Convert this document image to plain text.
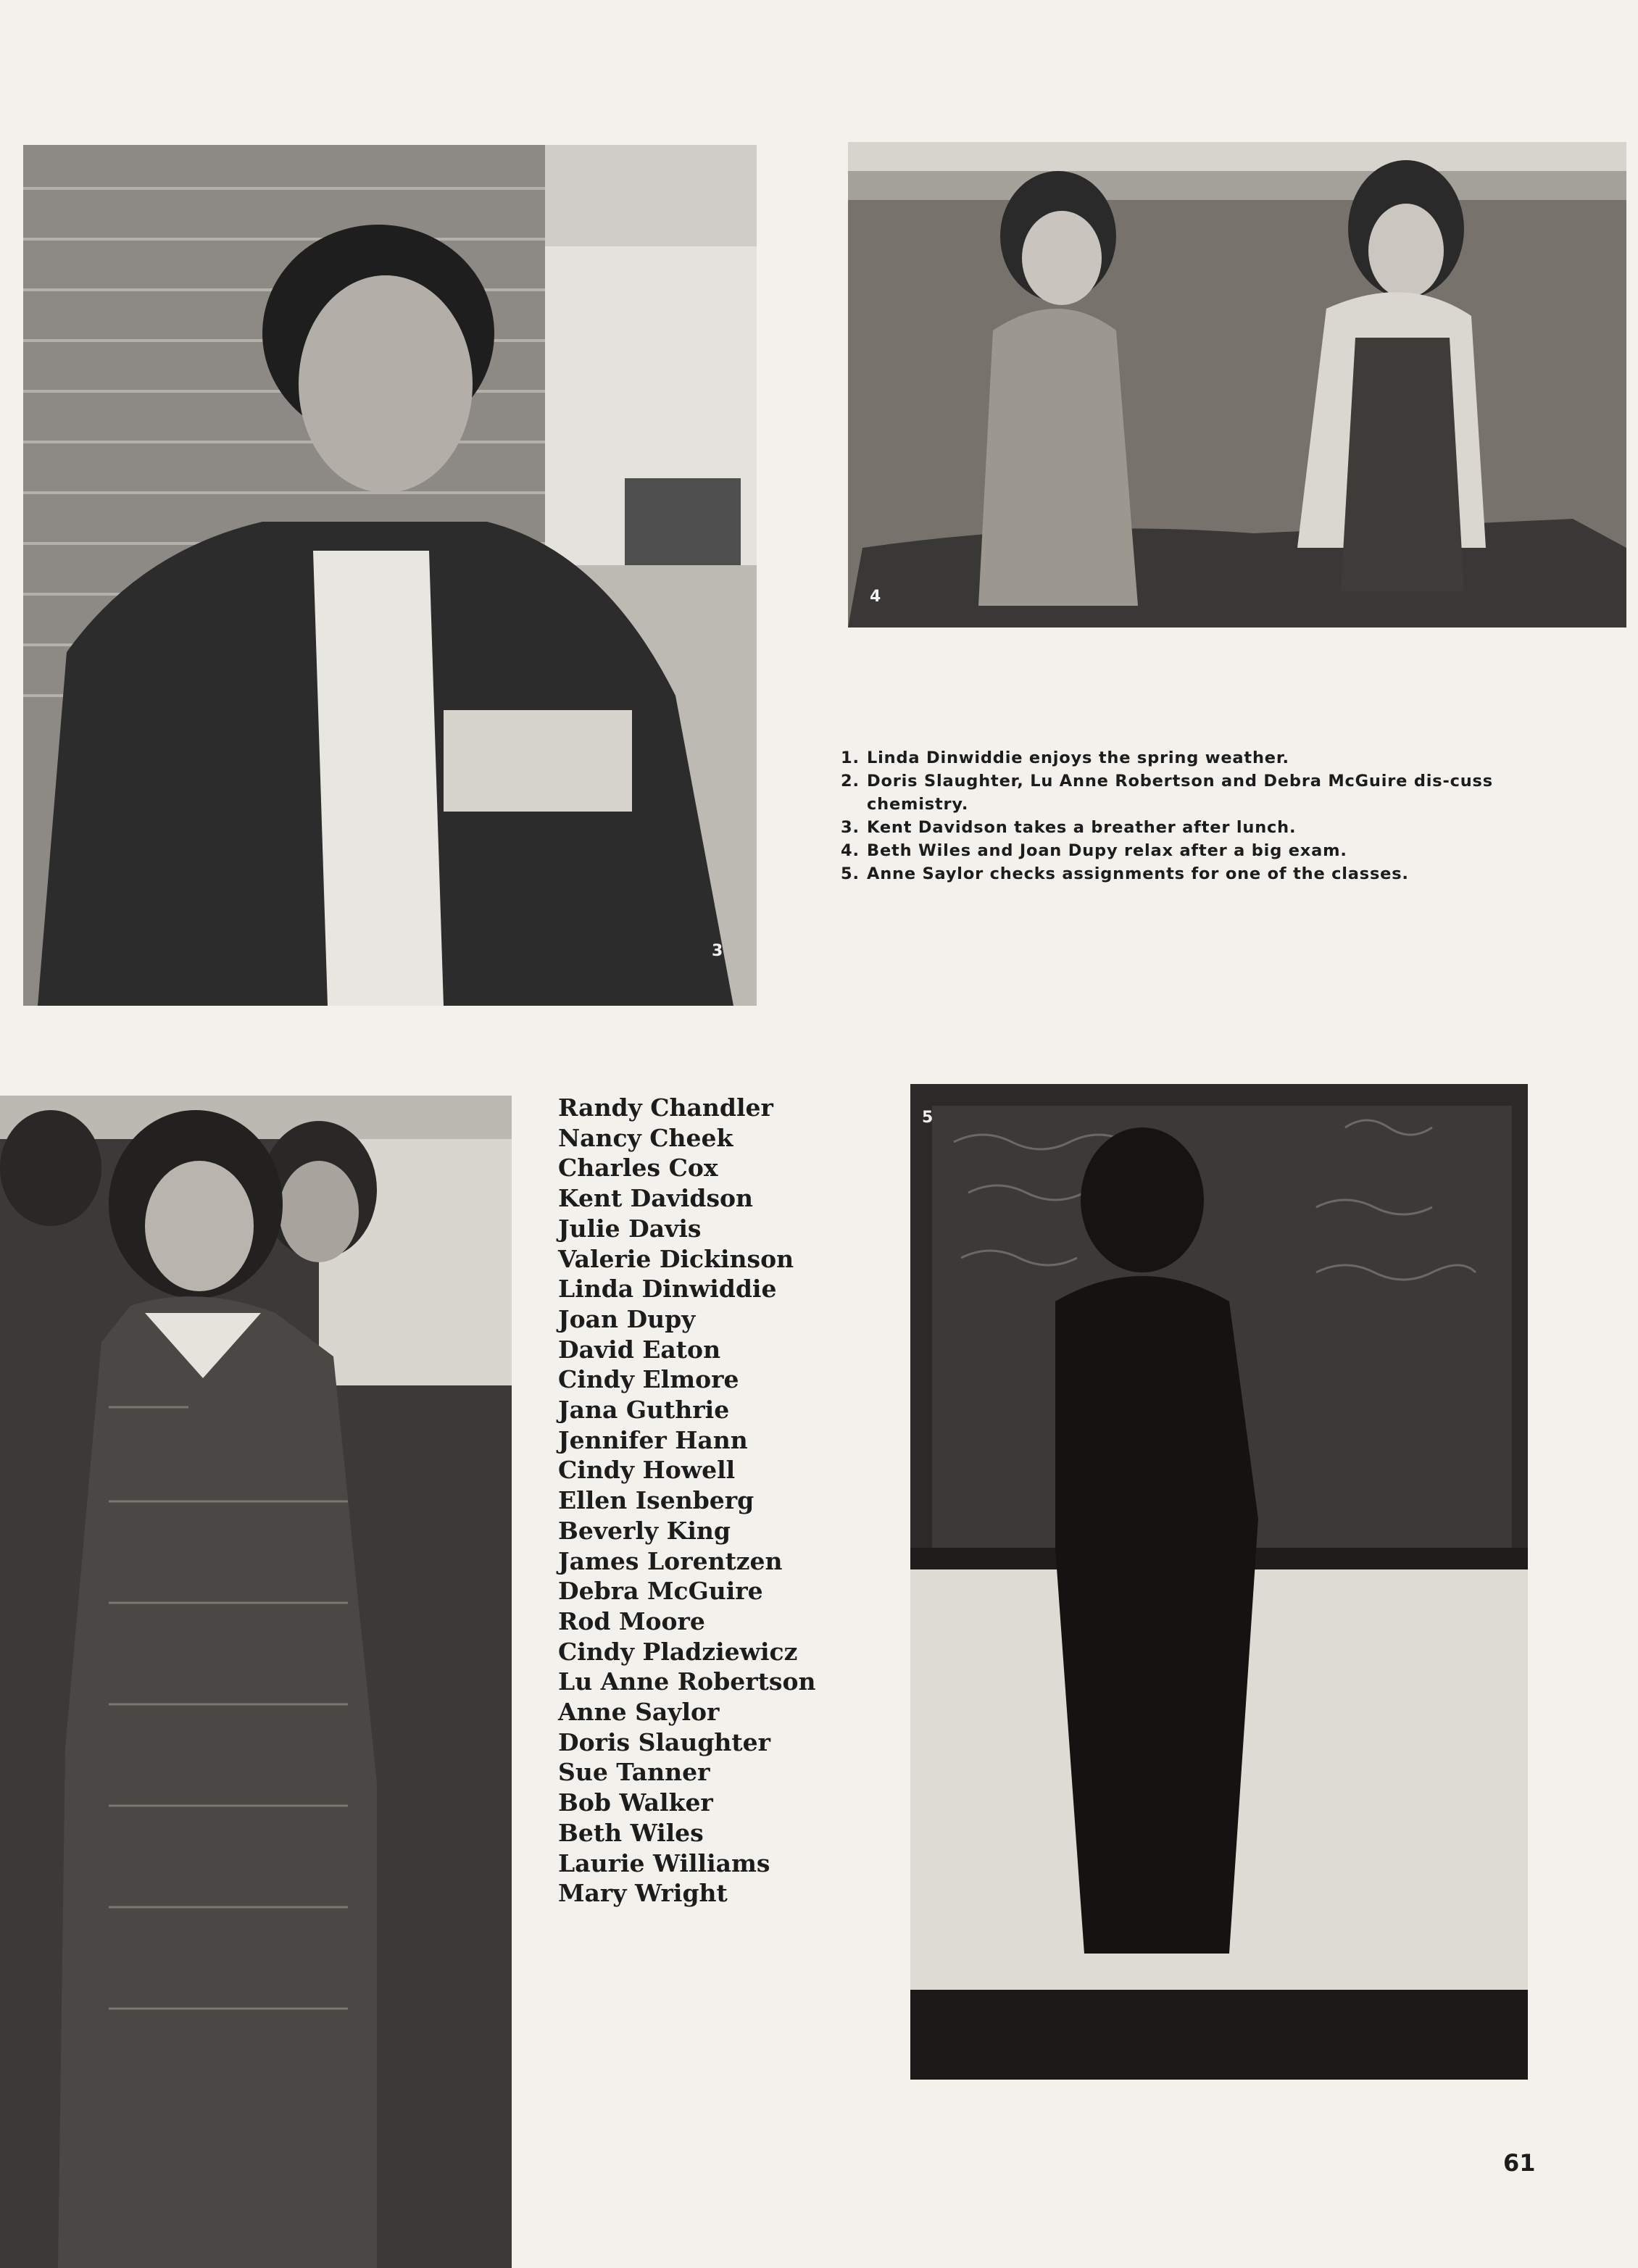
3
4
1. Linda Dinwiddie enjoys the spring weather.
2. Doris Slaughter, Lu Anne Robertson and Debra McGuire dis-cuss chemistry.
3. Kent Davidson takes a breather after lunch.
4. Beth Wiles and Joan Dupy relax after a big exam.
5. Anne Saylor checks assignments for one of the classes.
Randy Chandler
Nancy Cheek
Charles Cox
Kent Davidson
Julie Davis
Valerie Dickinson
Linda Dinwiddie
Joan Dupy
David Eaton
Cindy Elmore
Jana Guthrie
Jennifer Hann
Cindy Howell
Ellen Isenberg
Beverly King
James Lorentzen
Debra McGuire
Rod Moore
Cindy Pladziewicz
Lu Anne Robertson
Anne Saylor
Doris Slaughter
Sue Tanner
Bob Walker
Beth Wiles
Laurie Williams
Mary Wright
5
61
